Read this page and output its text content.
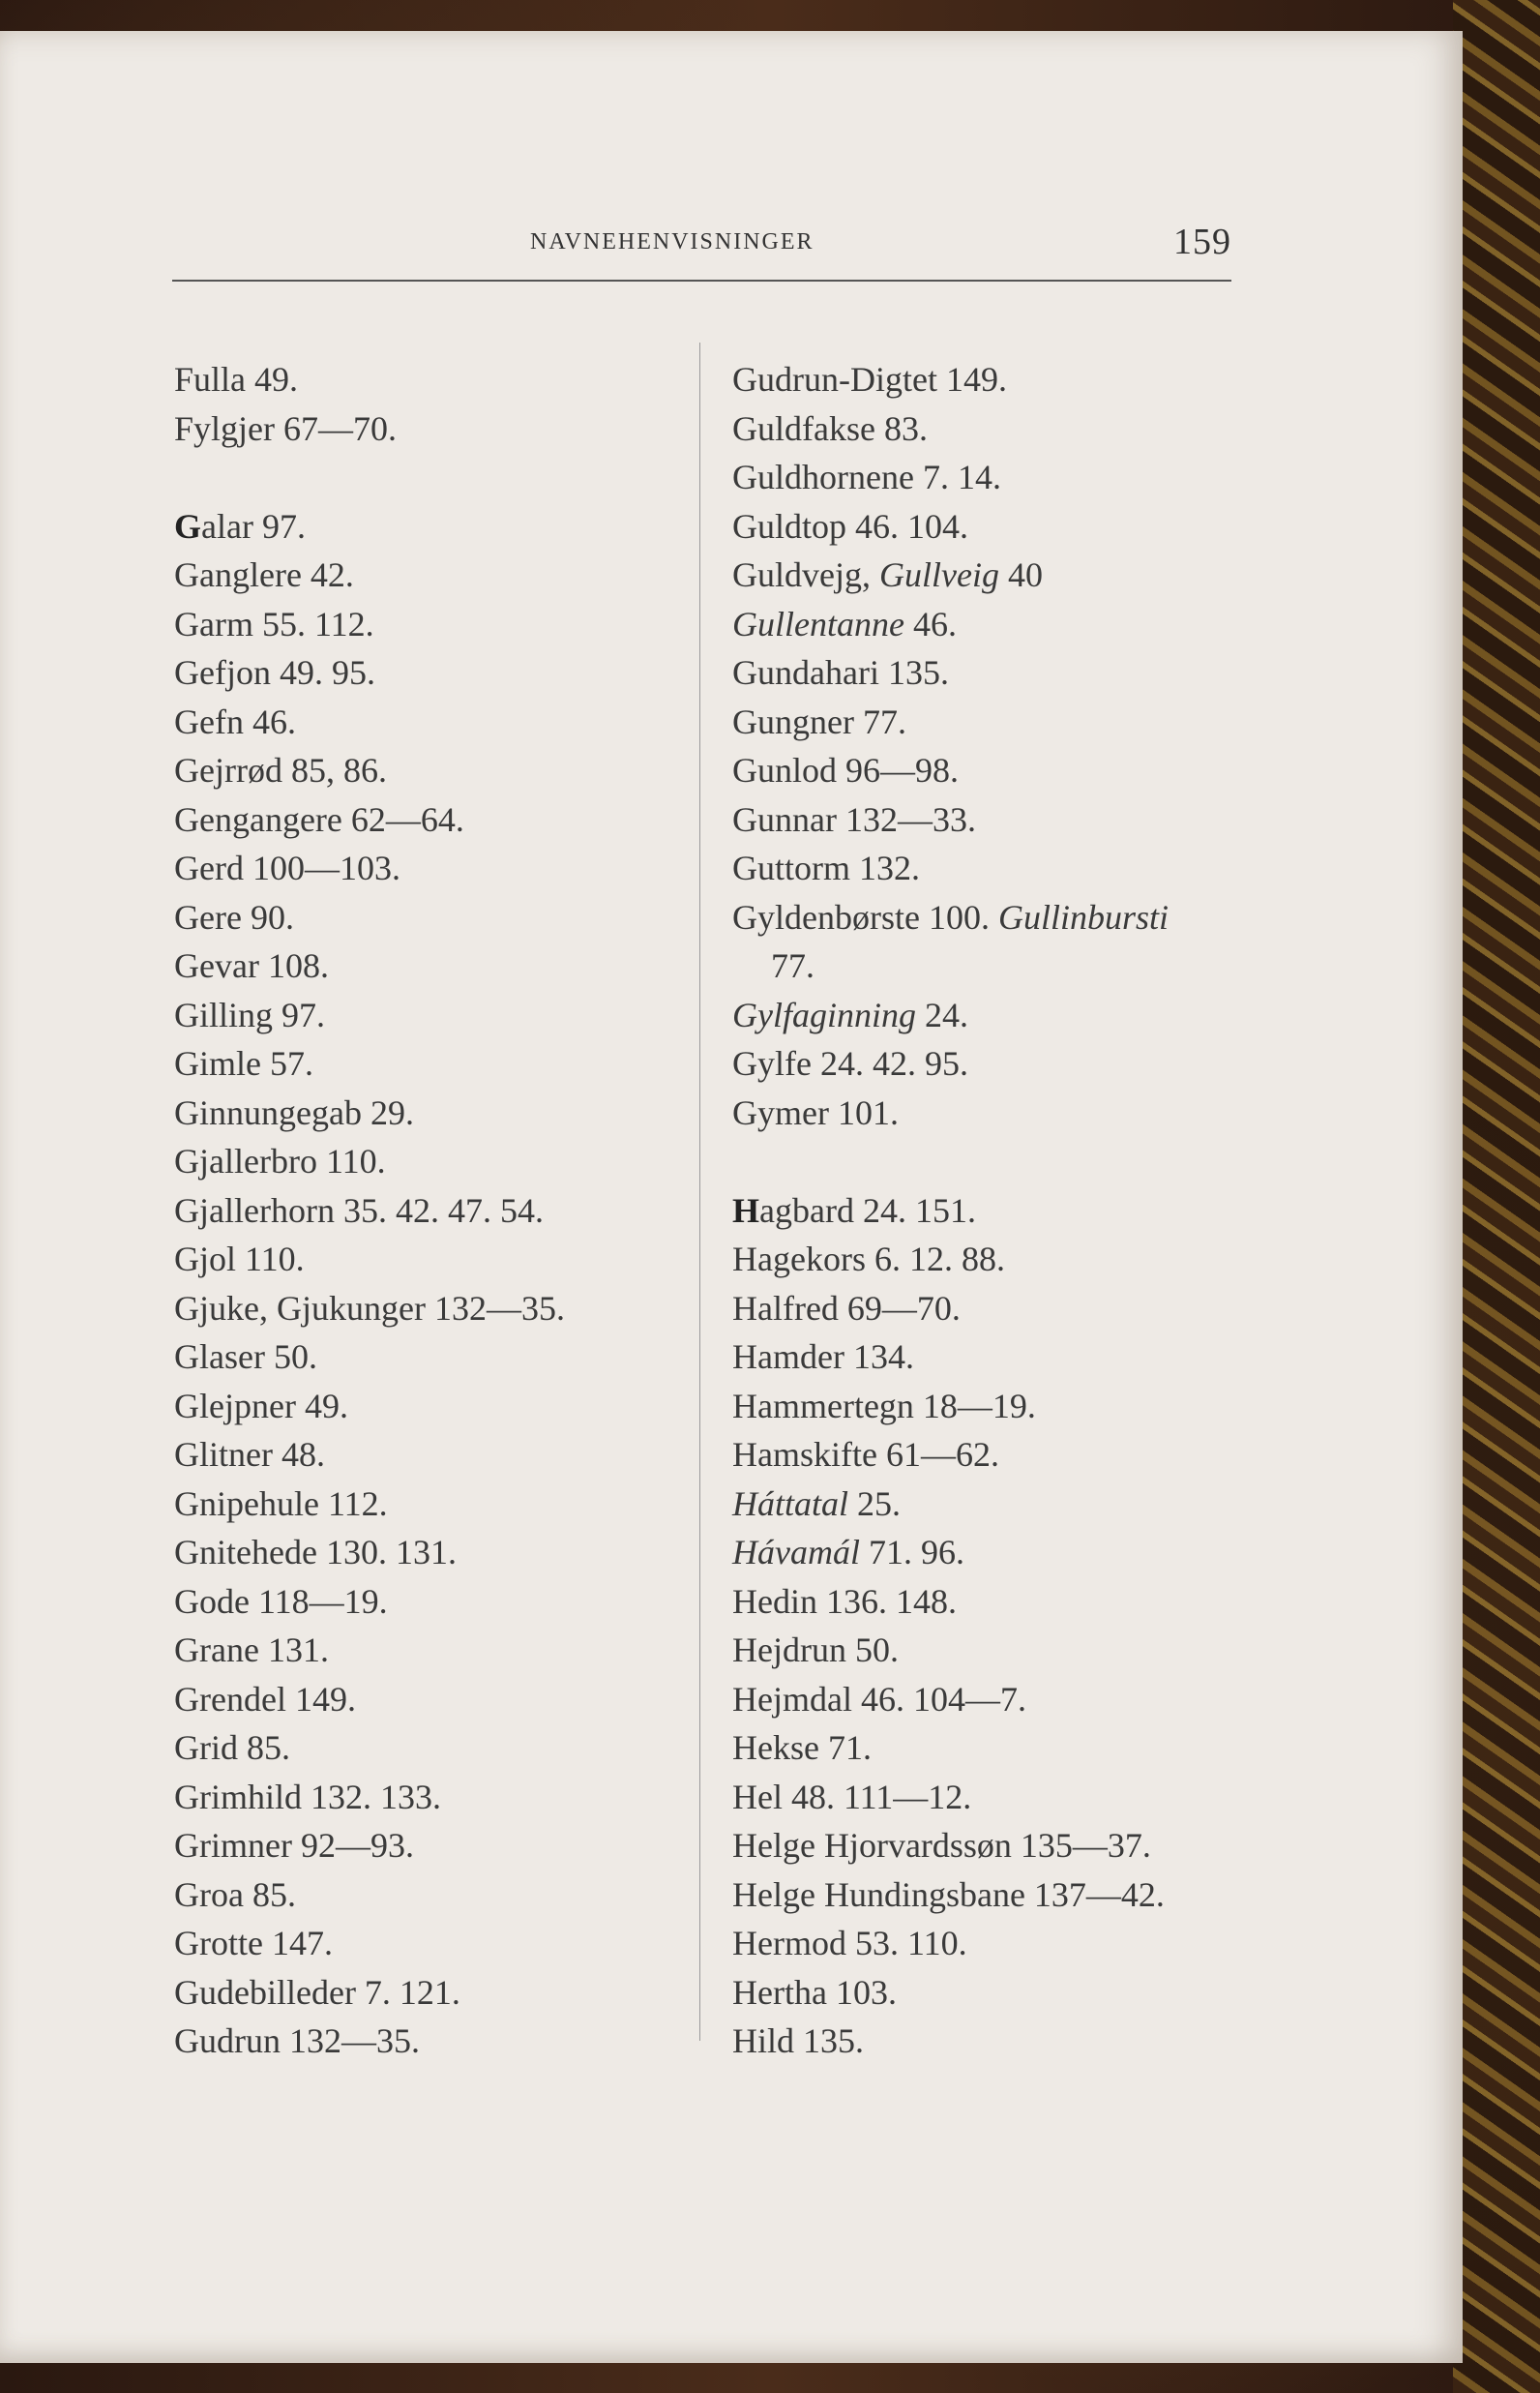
NAVNEHENVISNINGER	159
Fulla 49.
Fylgjer 67—70.
Galar 97.
Ganglere 42.
Garm 55. 112.
Gefjon 49. 95.
Gefn 46.
Gejrrød 85, 86.
Gengangere 62—64.
Gerd 100—103.
Gere 90.
Gevar 108.
Gilling 97.
Gimle 57.
Ginnungegab 29.
Gjallerbro 110.
Gjallerhorn 35. 42. 47. 54.
Gjol 110.
Gjuke, Gjukunger 132—35.
Glaser 50.
Glejpner 49.
Glitner 48.
Gnipehule 112.
Gnitehede 130. 131.
Gode 118—19.
Grane 131.
Grendel 149.
Grid 85.
Grimhild 132. 133.
Grimner 92—93.
Groa 85.
Grotte 147.
Gudebilleder 7. 121.
Gudrun 132—35.
Gudrun-Digtet 149.
Guldfakse 83.
Guldhornene 7. 14.
Guldtop 46. 104.
Guldvejg, Gullveig 40
Gullentanne 46.
Gundahari 135.
Gungner 77.
Gunlod 96—98.
Gunnar 132—33.
Guttorm 132.
Gyldenbørste 100. Gullinbursti
77.
Gylfaginning 24.
Gylfe 24. 42. 95.
Gymer 101.
Hagbard 24. 151.
Hagekors 6. 12. 88.
Halfred 69—70.
Hamder 134.
Hammertegn 18—19.
Hamskifte 61—62.
Háttatal 25.
Hávamál 71. 96.
Hedin 136. 148.
Hejdrun 50.
Hejmdal 46. 104—7.
Hekse 71.
Hel 48. 111—12.
Helge Hjorvardssøn 135—37.
Helge Hundingsbane 137—42.
Hermod 53. 110.
Hertha 103.
Hild 135.
